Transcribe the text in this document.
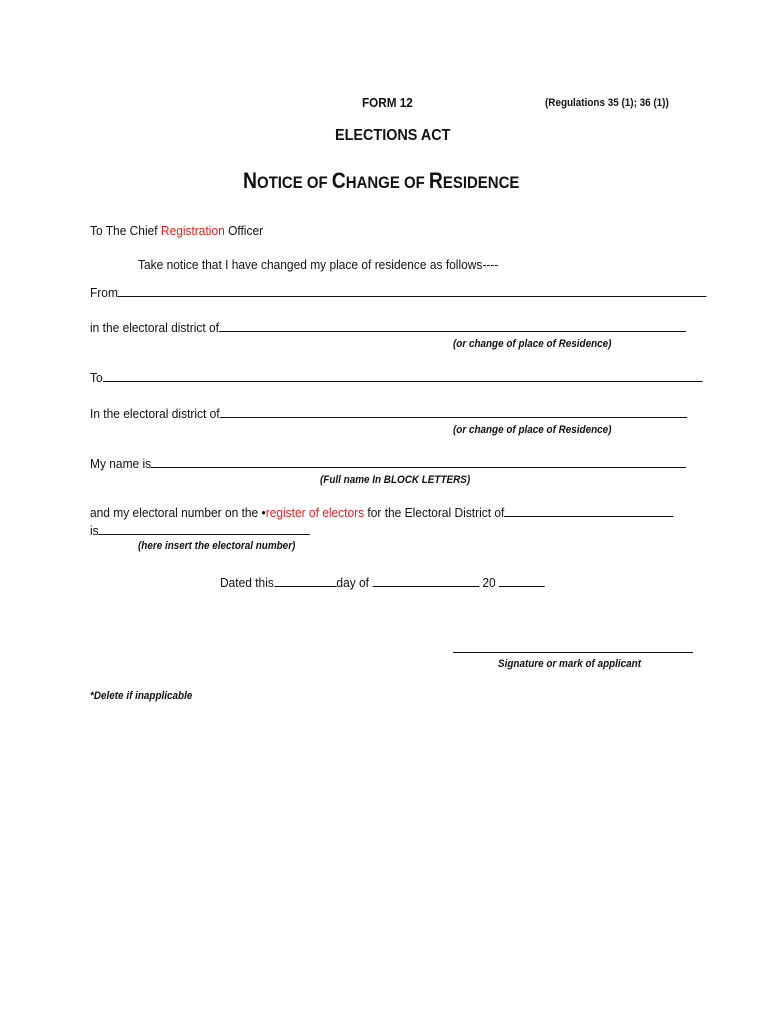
FORM 12	(Regulations 35 (1); 36 (1))
ELECTIONS ACT
NOTICE OF CHANGE OF RESIDENCE
To The Chief Registration Officer
Take notice that I have changed my place of residence as follows----
From
in the electoral district of
(or change of place of Residence)
To
In the electoral district of
(or change of place of Residence)
My name is
(Full name In BLOCK LETTERS)
and my electoral number on the •register of electors for the Electoral District of
is
(here insert the electoral number)
Dated this	day of	20
Signature or mark of applicant
*Delete if inapplicable
